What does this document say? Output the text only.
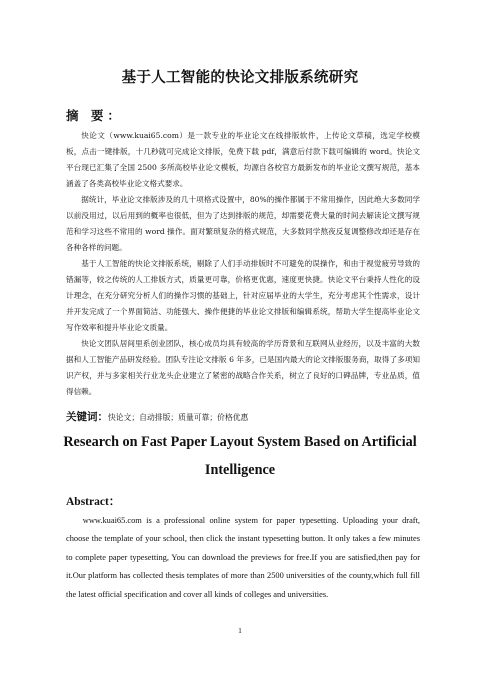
基于人工智能的快论文排版系统研究
摘 要：

快论文（www.kuai65.com）是一款专业的毕业论文在线排版软件，上传论文草稿，选定学校模板，点击一键排版，十几秒就可完成论文排版，免费下载 pdf，满意后付款下载可编辑的 word。快论文平台现已汇集了全国 2500 多所高校毕业论文模板，均源自各校官方最新发布的毕业论文撰写规范，基本涵盖了各类高校毕业论文格式要求。

据统计，毕业论文排版涉及的几十项格式设置中，80%的操作都属于不常用操作，因此绝大多数同学以前没用过，以后用到的概率也很低，但为了达到排版的规范，却需要花费大量的时间去解读论文撰写规范和学习这些不常用的 word 操作。面对繁琐复杂的格式规范，大多数同学熬夜反复调整修改却还是存在各种各样的问题。

基于人工智能的快论文排版系统，剔除了人们手动排版时不可避免的误操作，和由于视觉疲劳导致的错漏等，较之传统的人工排版方式，质量更可靠，价格更优惠，速度更快捷。快论文平台秉持人性化的设计理念，在充分研究分析人们的操作习惯的基础上，针对应届毕业的大学生，充分考虑其个性需求，设计并开发完成了一个界面简洁、功能强大、操作便捷的毕业论文排版和编辑系统，帮助大学生提高毕业论文写作效率和提升毕业论文质量。

快论文团队居间里系创业团队，核心成员均具有较高的学历背景和互联网从业经历，以及丰富的大数据和人工智能产品研发经验。团队专注论文排版 6 年多，已是国内最大的论文排版服务商，取得了多项知识产权，并与多家相关行业龙头企业建立了紧密的战略合作关系，树立了良好的口碑品牌，专业品质，值得信赖。

关键词：快论文；自动排版；质量可靠；价格优惠
Research on Fast Paper Layout System Based on Artificial
Intelligence
Abstract：

www.kuai65.com is a professional online system for paper typesetting. Uploading your draft, choose the template of your school, then click the instant typesetting button. It only takes a few minutes to complete paper typesetting, You can download the previews for free.If you are satisfied,then pay for it.Our platform has collected thesis templates of more than 2500 universities of the county,which full fill the latest official specification and cover all kinds of colleges and universities.

1
